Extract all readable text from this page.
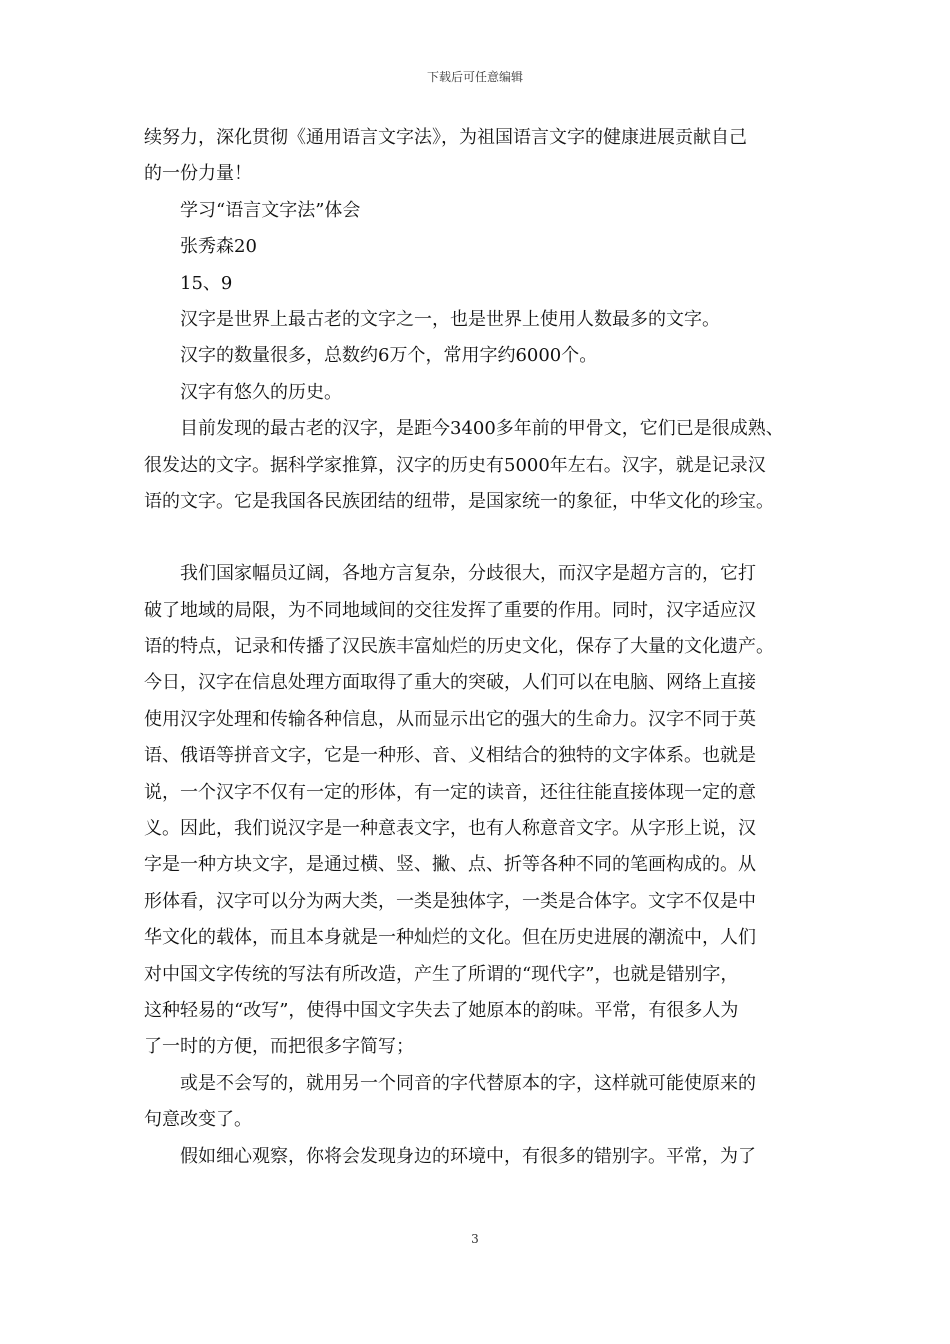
下载后可任意编辑
续努力，深化贯彻《通用语言文字法》，为祖国语言文字的健康进展贡献自己
的一份力量！
学习“语言文字法”体会
张秀森20
15、9
汉字是世界上最古老的文字之一，也是世界上使用人数最多的文字。
汉字的数量很多，总数约6万个，常用字约6000个。
汉字有悠久的历史。
目前发现的最古老的汉字，是距今3400多年前的甲骨文，它们已是很成熟、
很发达的文字。据科学家推算，汉字的历史有5000年左右。汉字，就是记录汉
语的文字。它是我国各民族团结的纽带，是国家统一的象征，中华文化的珍宝。
我们国家幅员辽阔，各地方言复杂，分歧很大，而汉字是超方言的，它打
破了地域的局限，为不同地域间的交往发挥了重要的作用。同时，汉字适应汉
语的特点，记录和传播了汉民族丰富灿烂的历史文化，保存了大量的文化遗产。
今日，汉字在信息处理方面取得了重大的突破，人们可以在电脑、网络上直接
使用汉字处理和传输各种信息，从而显示出它的强大的生命力。汉字不同于英
语、俄语等拼音文字，它是一种形、音、义相结合的独特的文字体系。也就是
说，一个汉字不仅有一定的形体，有一定的读音，还往往能直接体现一定的意
义。因此，我们说汉字是一种意表文字，也有人称意音文字。从字形上说，汉
字是一种方块文字，是通过横、竖、撇、点、折等各种不同的笔画构成的。从
形体看，汉字可以分为两大类，一类是独体字，一类是合体字。文字不仅是中
华文化的载体，而且本身就是一种灿烂的文化。但在历史进展的潮流中，人们
对中国文字传统的写法有所改造，产生了所谓的“现代字”，也就是错别字，
这种轻易的“改写”，使得中国文字失去了她原本的韵味。平常，有很多人为
了一时的方便，而把很多字简写；
或是不会写的，就用另一个同音的字代替原本的字，这样就可能使原来的
句意改变了。
假如细心观察，你将会发现身边的环境中，有很多的错别字。平常，为了
3
